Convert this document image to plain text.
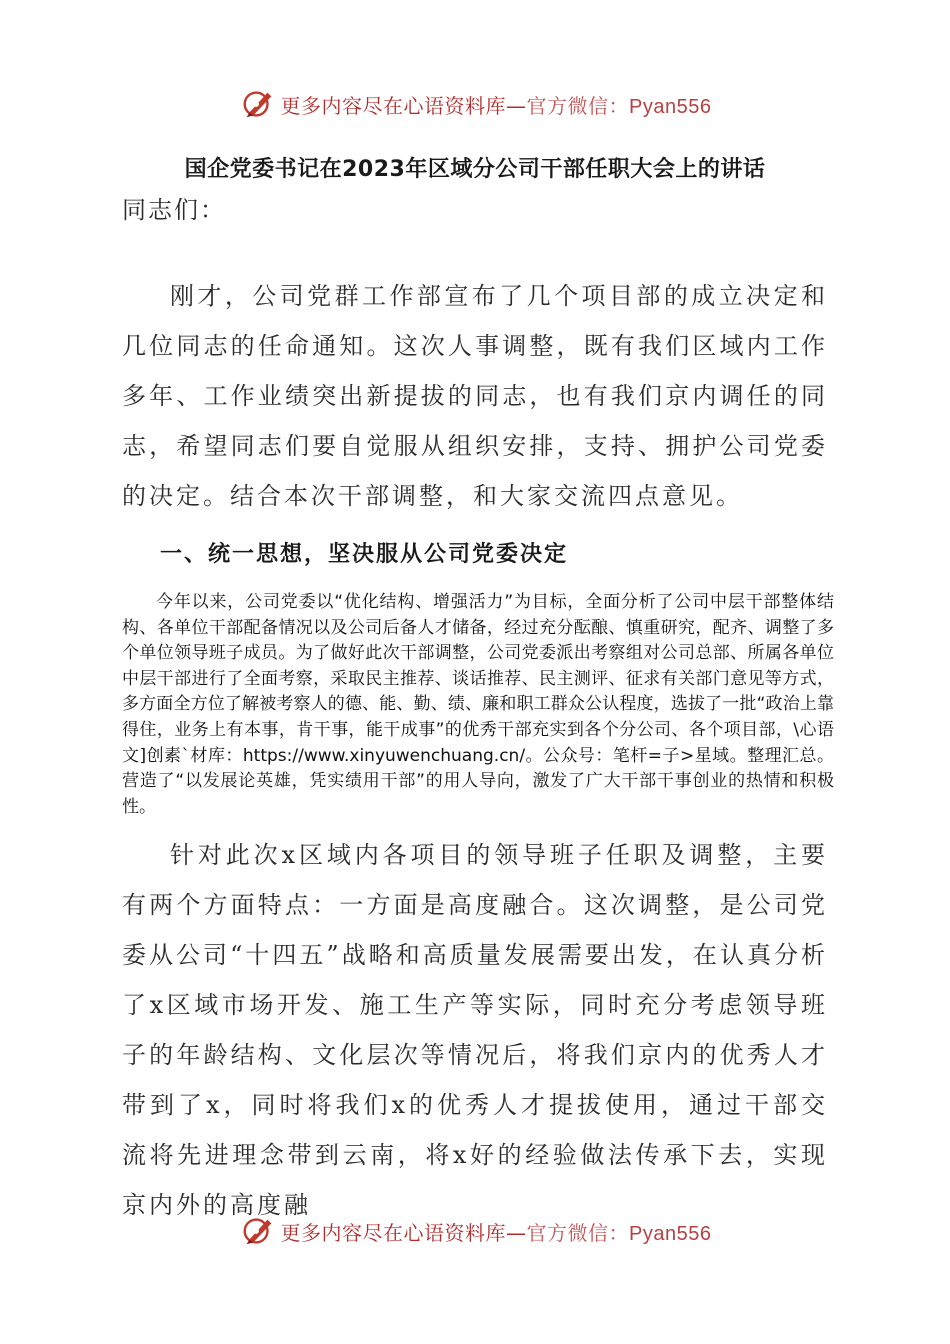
更多内容尽在心语资料库—官方微信：Pyan556
国企党委书记在2023年区域分公司干部任职大会上的讲话
同志们：

刚才，公司党群工作部宣布了几个项目部的成立决定和几位同志的任命通知。这次人事调整，既有我们区域内工作多年、工作业绩突出新提拔的同志，也有我们京内调任的同志，希望同志们要自觉服从组织安排，支持、拥护公司党委的决定。结合本次干部调整，和大家交流四点意见。

一、统一思想，坚决服从公司党委决定

今年以来，公司党委以“优化结构、增强活力”为目标，全面分析了公司中层干部整体结构、各单位干部配备情况以及公司后备人才储备，经过充分酝酿、慎重研究，配齐、调整了多个单位领导班子成员。为了做好此次干部调整，公司党委派出考察组对公司总部、所属各单位中层干部进行了全面考察，采取民主推荐、谈话推荐、民主测评、征求有关部门意见等方式，多方面全方位了解被考察人的德、能、勤、绩、廉和职工群众公认程度，选拔了一批“政治上靠得住，业务上有本事，肯干事，能干成事”的优秀干部充实到各个分公司、各个项目部，\心语文]创素`材库：https://www.xinyuwenchuang.cn/。公众号：笔杆=子>星域。整理汇总。营造了“以发展论英雄，凭实绩用干部”的用人导向，激发了广大干部干事创业的热情和积极性。

针对此次x区域内各项目的领导班子任职及调整，主要有两个方面特点：一方面是高度融合。这次调整，是公司党委从公司“十四五”战略和高质量发展需要出发，在认真分析了x区域市场开发、施工生产等实际，同时充分考虑领导班子的年龄结构、文化层次等情况后，将我们京内的优秀人才带到了x，同时将我们x的优秀人才提拔使用，通过干部交流将先进理念带到云南，将x好的经验做法传承下去，实现京内外的高度融

更多内容尽在心语资料库—官方微信：Pyan556
